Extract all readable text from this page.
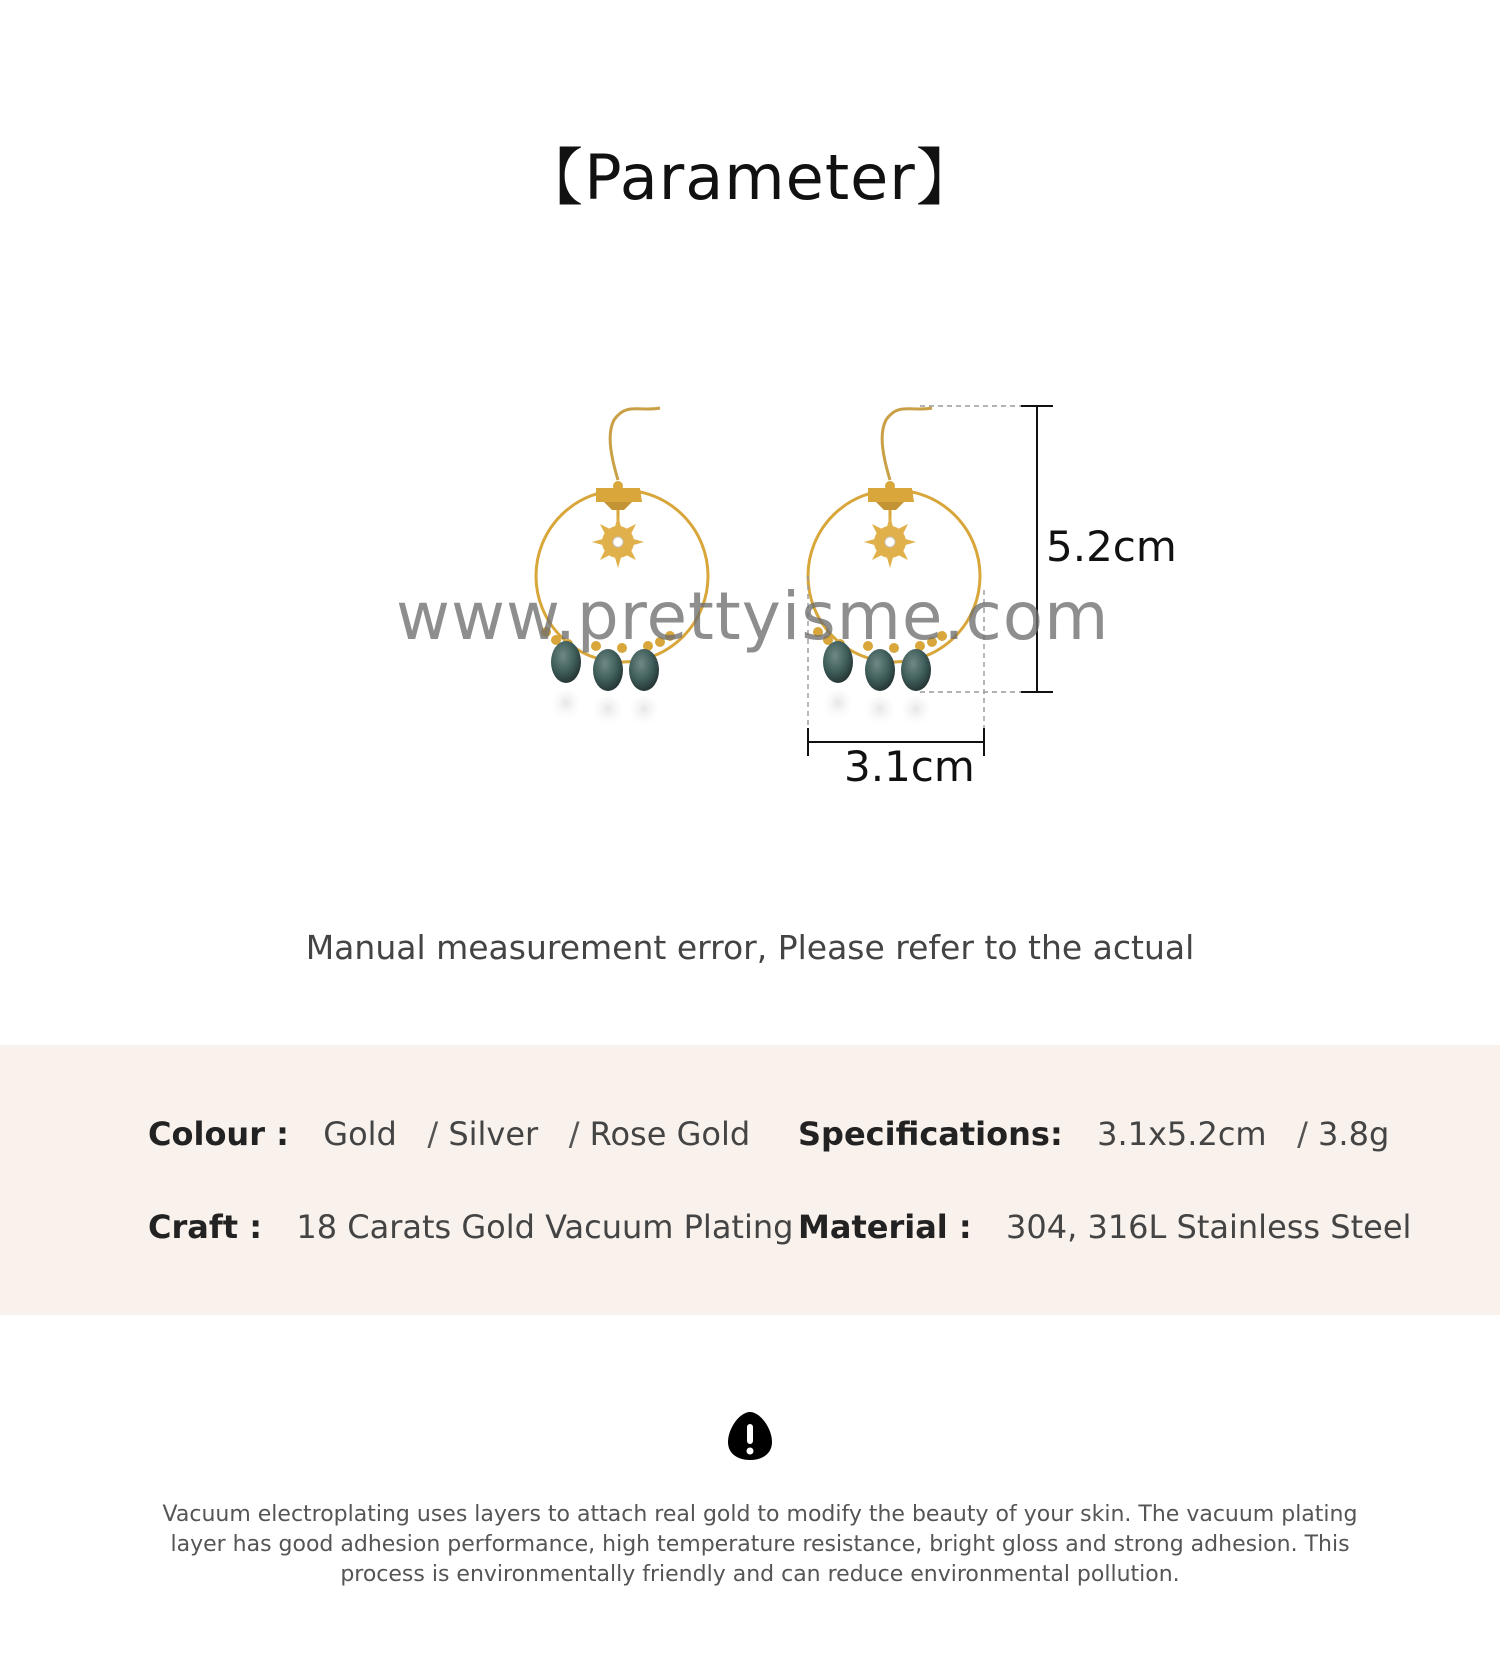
【Parameter】
5.2cm
3.1cm
www.prettyisme.com
Manual measurement error, Please refer to the actual
Colour : Gold   / Silver   / Rose Gold Specifications: 3.1x5.2cm   / 3.8g
Craft : 18 Carats Gold Vacuum Plating Material : 304, 316L Stainless Steel
Vacuum electroplating uses layers to attach real gold to modify the beauty of your skin. The vacuum plating layer has good adhesion performance, high temperature resistance, bright gloss and strong adhesion. This process is environmentally friendly and can reduce environmental pollution.
